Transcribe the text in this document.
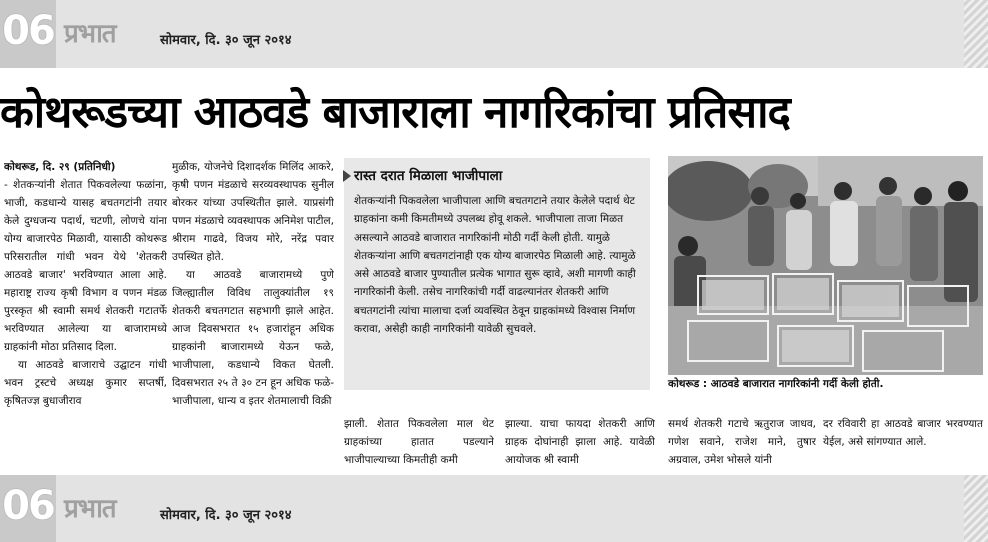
06 प्रभात	सोमवार, दि. ३० जून २०१४
कोथरूडच्या आठवडे बाजाराला नागरिकांचा प्रतिसाद

कोथरूड, दि. २९ (प्रतिनिधी)

- शेतकऱ्यांनी शेतात पिकवलेल्या फळांना, भाजी, कडधान्ये यासह बचतगटांनी तयार केले दुग्धजन्य पदार्थ, चटणी, लोणचे यांना योग्य बाजारपेठ मिळावी, यासाठी कोथरूड परिसरातील गांधी भवन येथे 'शेतकरी आठवडे बाजार' भरविण्यात आला आहे. महाराष्ट्र राज्य कृषी विभाग व पणन मंडळ पुरस्कृत श्री स्वामी समर्थ शेतकरी गटातर्फे भरविण्यात आलेल्या या बाजारामध्ये ग्राहकांनी मोठा प्रतिसाद दिला.

या आठवडे बाजाराचे उद्घाटन गांधी भवन ट्रस्टचे अध्यक्ष कुमार सप्तर्षी, कृषितज्ज्ञ बुधाजीराव

मुळीक, योजनेचे दिशादर्शक मिलिंद आकरे, कृषी पणन मंडळाचे सरव्यवस्थापक सुनील बोरकर यांच्या उपस्थितीत झाले. याप्रसंगी पणन मंडळाचे व्यवस्थापक अनिमेश पाटील, श्रीराम गाढवे, विजय मोरे, नरेंद्र पवार उपस्थित होते.

या आठवडे बाजारामध्ये पुणे जिल्ह्यातील विविध तालुक्यांतील १९ शेतकरी बचतगटात सहभागी झाले आहेत. आज दिवसभरात १५ हजारांहून अधिक ग्राहकांनी बाजारामध्ये येऊन फळे, भाजीपाला, कडधान्ये विकत घेतली. दिवसभरात २५ ते ३० टन हून अधिक फळे-भाजीपाला, धान्य व इतर शेतमालाची विक्री

रास्त दरात मिळाला भाजीपाला
शेतकऱ्यांनी पिकवलेला भाजीपाला आणि बचतगटाने तयार केलेले पदार्थ थेट ग्राहकांना कमी किमतीमध्ये उपलब्ध होवू शकले. भाजीपाला ताजा मिळत असल्याने आठवडे बाजारात नागरिकांनी मोठी गर्दी केली होती. यामुळे शेतकऱ्यांना आणि बचतगटांनाही एक योग्य बाजारपेठ मिळाली आहे. त्यामुळे असे आठवडे बाजार पुण्यातील प्रत्येक भागात सुरू व्हावे, अशी मागणी काही नागरिकांनी केली. तसेच नागरिकांची गर्दी वाढल्यानंतर शेतकरी आणि बचतगटांनी त्यांचा मालाचा दर्जा व्यवस्थित ठेवून ग्राहकांमध्ये विश्वास निर्माण करावा, असेही काही नागरिकांनी यावेळी सुचवले.
कोथरूड : आठवडे बाजारात नागरिकांनी गर्दी केली होती.
झाली. शेतात पिकवलेला माल थेट ग्राहकांच्या हातात पडल्याने भाजीपाल्याच्या किमतीही कमी
झाल्या. याचा फायदा शेतकरी आणि ग्राहक दोघांनाही झाला आहे. यावेळी आयोजक श्री स्वामी
समर्थ शेतकरी गटाचे ऋतुराज जाधव, गणेश सवाने, राजेश माने, तुषार अग्रवाल, उमेश भोसले यांनी
दर रविवारी हा आठवडे बाजार भरवण्यात येईल, असे सांगण्यात आले.
06 प्रभात	सोमवार, दि. ३० जून २०१४
